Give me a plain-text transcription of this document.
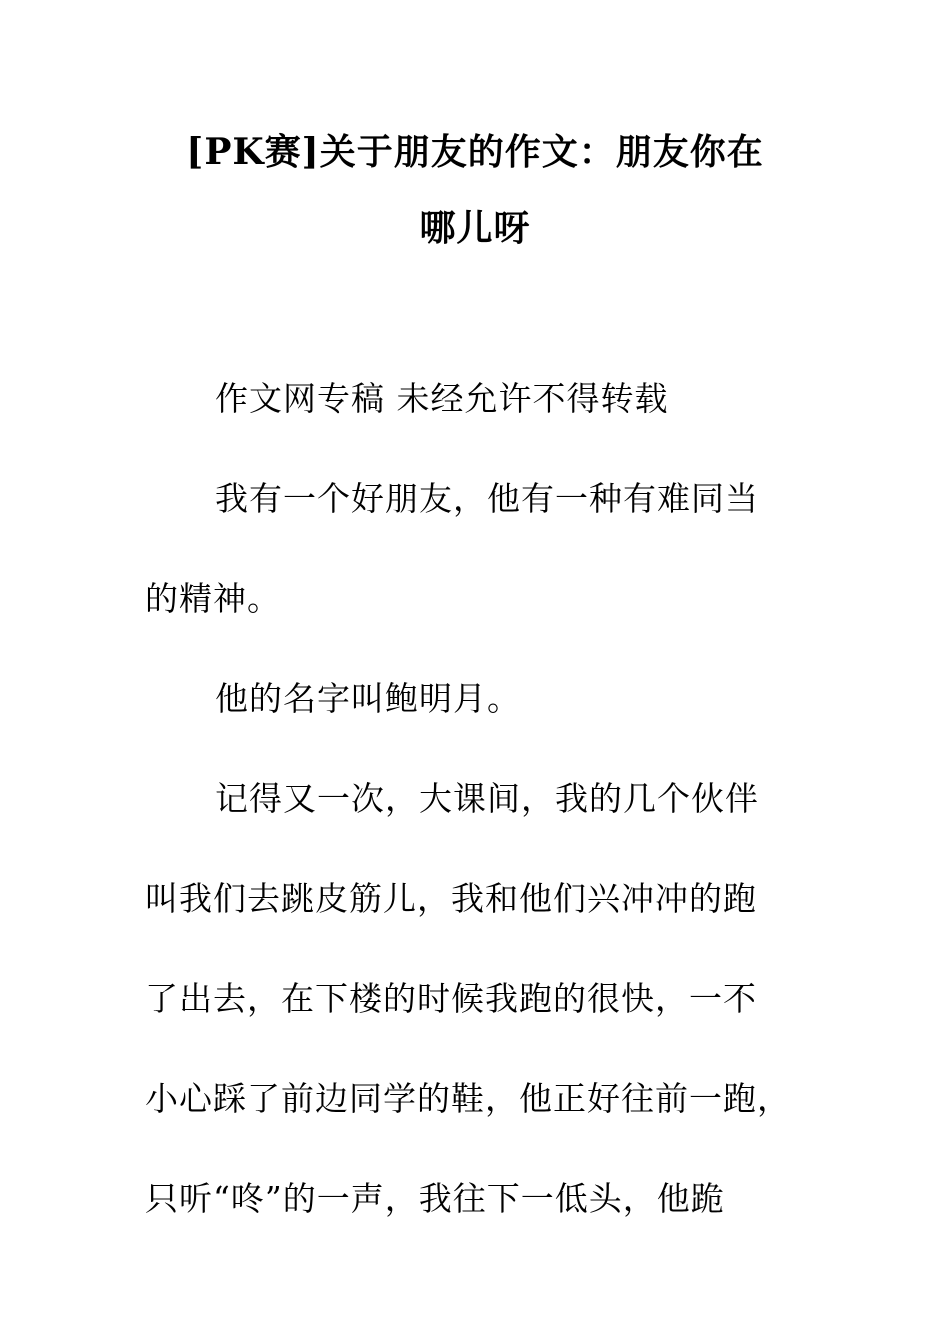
[PK赛]关于朋友的作文：朋友你在
哪儿呀
作文网专稿 未经允许不得转载
我有一个好朋友，他有一种有难同当
的精神。
他的名字叫鲍明月。
记得又一次，大课间，我的几个伙伴
叫我们去跳皮筋儿，我和他们兴冲冲的跑
了出去，在下楼的时候我跑的很快，一不
小心踩了前边同学的鞋，他正好往前一跑，
只听“咚”的一声，我往下一低头，他跪
